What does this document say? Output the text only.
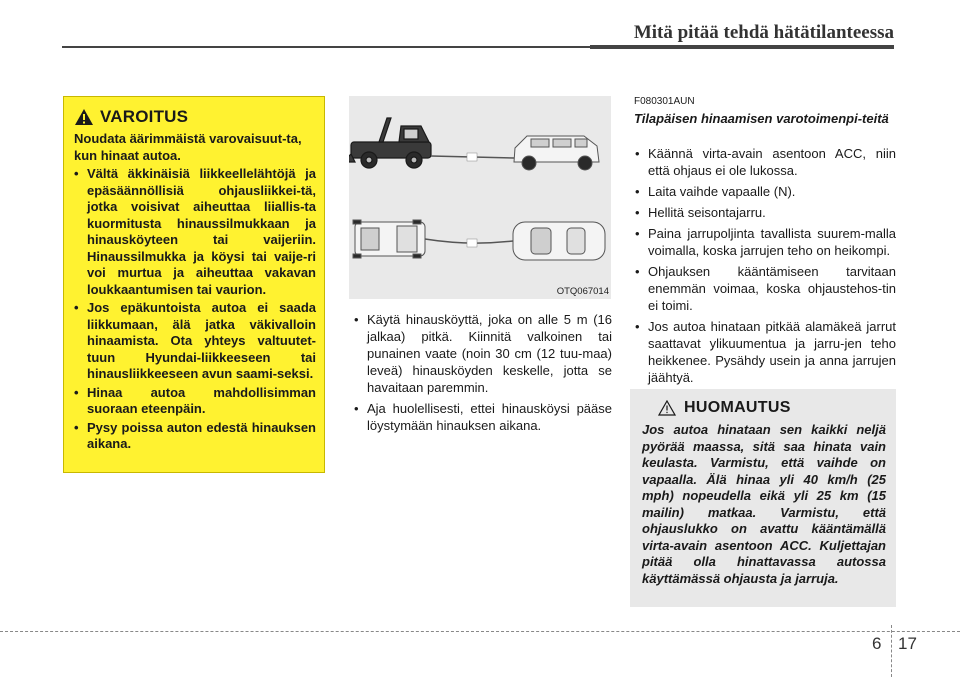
Mitä pitää tehdä hätätilanteessa
VAROITUS
Noudata äärimmäistä varovaisuut-ta, kun hinaat autoa.
• Vältä äkkinäisiä liikkeellelähtöjä ja epäsäännöllisiä ohjausliikkei-tä, jotka voisivat aiheuttaa liiallis-ta kuormitusta hinaussilmukkaan ja hinausköyteen tai vaijeriin. Hinaussilmukka ja köysi tai vaije-ri voi murtua ja aiheuttaa vakavan loukkaantumisen tai vaurion.
• Jos epäkuntoista autoa ei saada liikkumaan, älä jatka väkivalloin hinaamista. Ota yhteys valtuutet-tuun Hyundai-liikkeeseen tai hinausliikkeeseen avun saami-seksi.
• Hinaa autoa mahdollisimman suoraan eteenpäin.
• Pysy poissa auton edestä hinauksen aikana.
OTQ067014
• Käytä hinausköyttä, joka on alle 5 m (16 jalkaa) pitkä. Kiinnitä valkoinen tai punainen vaate (noin 30 cm (12 tuu-maa) leveä) hinausköyden keskelle, jotta se havaitaan paremmin.
• Aja huolellisesti, ettei hinausköysi pääse löystymään hinauksen aikana.
F080301AUN
Tilapäisen hinaamisen varotoimenpi-teitä
• Käännä virta-avain asentoon ACC, niin että ohjaus ei ole lukossa.
• Laita vaihde vapaalle (N).
• Hellitä seisontajarru.
• Paina jarrupoljinta tavallista suurem-malla voimalla, koska jarrujen teho on heikompi.
• Ohjauksen kääntämiseen tarvitaan enemmän voimaa, koska ohjaustehos-tin ei toimi.
• Jos autoa hinataan pitkää alamäkeä jarrut saattavat ylikuumentua ja jarru-jen teho heikkenee. Pysähdy usein ja anna jarrujen jäähtyä.
HUOMAUTUS
Jos autoa hinataan sen kaikki neljä pyörää maassa, sitä saa hinata vain keulasta. Varmistu, että vaihde on vapaalla. Älä hinaa yli 40 km/h (25 mph) nopeudella eikä yli 25 km (15 mailin) matkaa. Varmistu, että ohjauslukko on avattu kääntämällä virta-avain asentoon ACC. Kuljettajan pitää olla hinattavassa autossa käyttämässä ohjausta ja jarruja.
6 17
